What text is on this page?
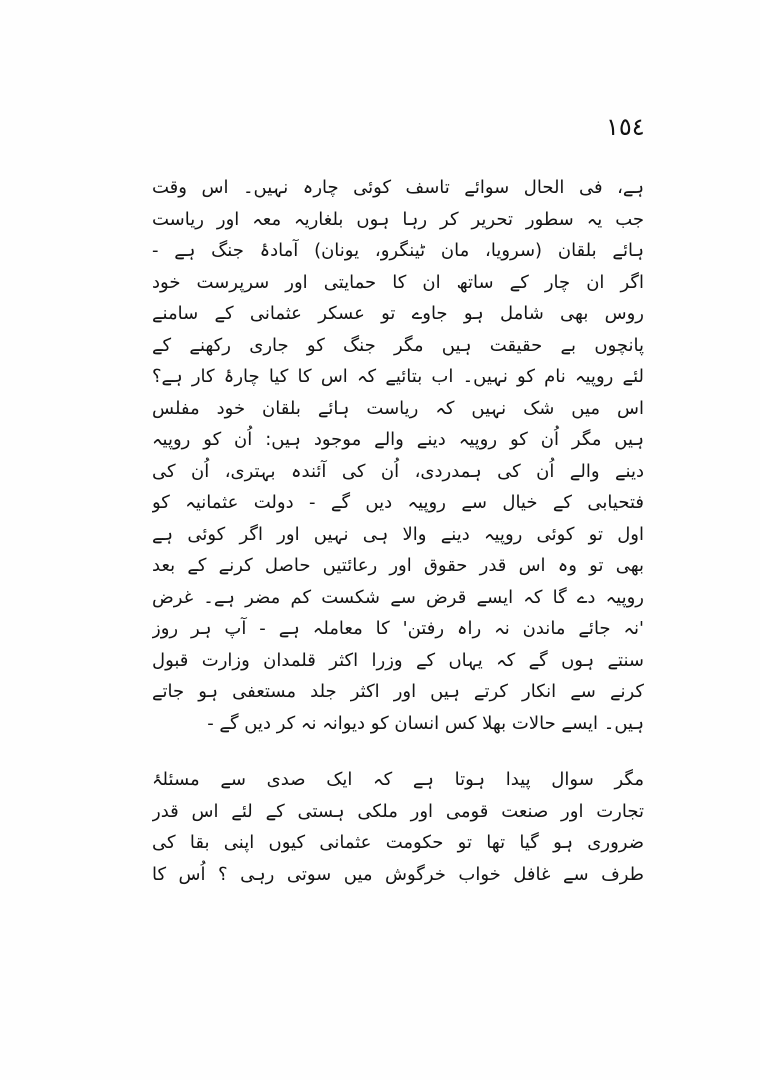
١٥٤
ہے، فی الحال سوائے تاسف کوئی چارہ نہیں۔ اس وقت
جب یہ سطور تحریر کر رہا ہوں بلغاریہ معہ اور ریاست
ہائے بلقان (سرویا، مان ٹینگرو، یونان) آمادۂ جنگ ہے -
اگر ان چار کے ساتھ ان کا حمایتی اور سرپرست خود
روس بھی شامل ہو جاوے تو عسکر عثمانی کے سامنے
پانچوں بے حقیقت ہیں مگر جنگ کو جاری رکھنے کے
لئے روپیہ نام کو نہیں۔ اب بتائیے کہ اس کا کیا چارۂ کار ہے؟
اس میں شک نہیں کہ ریاست ہائے بلقان خود مفلس
ہیں مگر اُن کو روپیہ دینے والے موجود ہیں: اُن کو روپیہ
دینے والے اُن کی ہمدردی، اُن کی آئندہ بہتری، اُن کی
فتحیابی کے خیال سے روپیہ دیں گے - دولت عثمانیہ کو
اول تو کوئی روپیہ دینے والا ہی نہیں اور اگر کوئی ہے
بھی تو وہ اس قدر حقوق اور رعائتیں حاصل کرنے کے بعد
روپیہ دے گا کہ ایسے قرض سے شکست کم مضر ہے۔ غرض
'نہ جائے ماندن نہ راہ رفتن' کا معاملہ ہے - آپ ہر روز
سنتے ہوں گے کہ یہاں کے وزرا اکثر قلمدان وزارت قبول
کرنے سے انکار کرتے ہیں اور اکثر جلد مستعفی ہو جاتے
ہیں۔ ایسے حالات بھلا کس انسان کو دیوانہ نہ کر دیں گے -
مگر سوال پیدا ہوتا ہے کہ ایک صدی سے مسئلۂ
تجارت اور صنعت قومی اور ملکی ہستی کے لئے اس قدر
ضروری ہو گیا تھا تو حکومت عثمانی کیوں اپنی بقا کی
طرف سے غافل خواب خرگوش میں سوتی رہی ؟ اُس کا
